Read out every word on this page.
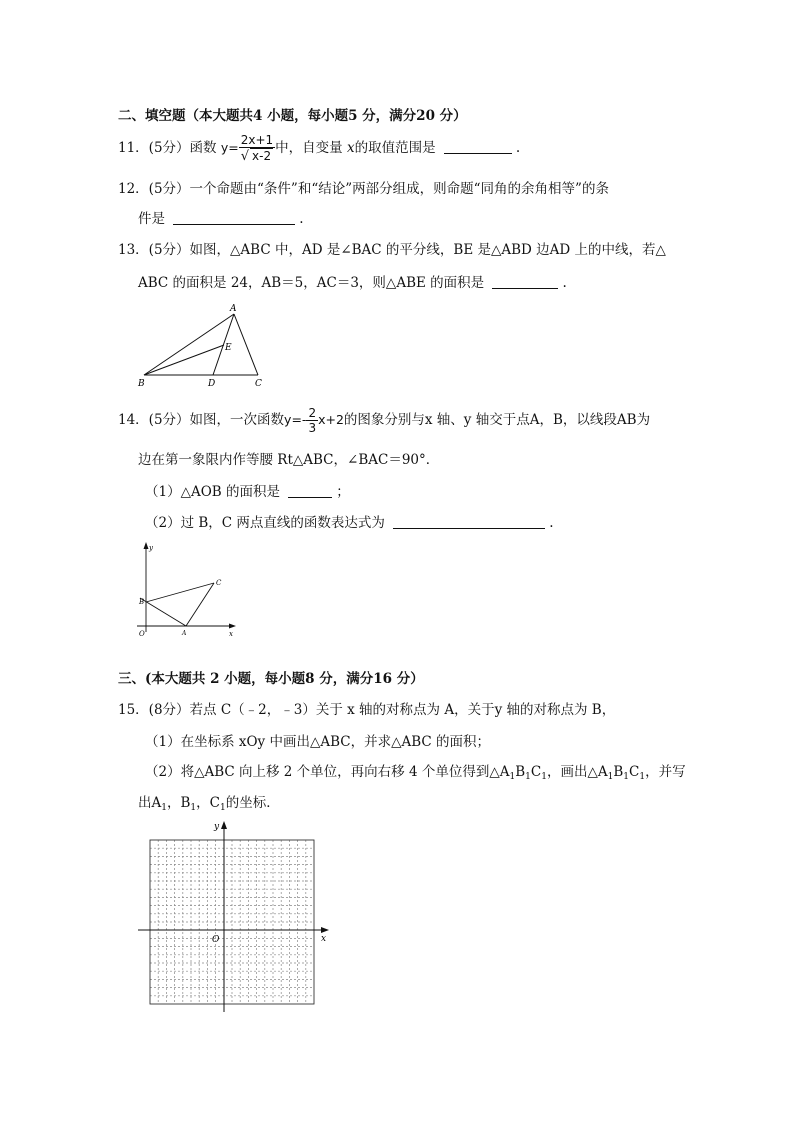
二、填空题（本大题共4 小题，每小题5 分，满分20 分）
11．(5分）函数 $y= \frac{2x+1}{√ x-2}$ 中，自变量 x的取值范围是	.
12．(5分）一个命题由“条件”和“结论”两部分组成，则命题“同角的余角相等”的条
件是	.
13．(5分）如图，△ABC 中，AD 是∠BAC 的平分线，BE 是△ABD 边AD 上的中线，若△
ABC 的面积是 24，AB＝5，AC＝3，则△ABE 的面积是	.
A
B	C
D
E
14．(5分）如图，一次函数$y=- \frac{2}{3} x+2$的图象分别与x 轴、y 轴交于点A，B，以线段AB为
边在第一象限内作等腰 Rt△ABC，∠BAC＝90°．
（1）△AOB 的面积是	；
（2）过 B，C 两点直线的函数表达式为	.
y
x
O	A
B
C
三、(本大题共 2 小题，每小题8 分，满分16 分）
15．(8分）若点 C（﹣2，﹣3）关于 x 轴的对称点为 A，关于y 轴的对称点为 B，
（1）在坐标系 xOy 中画出△ABC，并求△ABC 的面积；
（2）将△ABC 向上移 2 个单位，再向右移 4 个单位得到$\triangle A_1B_1C_1$，画出$\triangle A_1B_1C_1$，并写
出$A_1$，$B_1$，$C_1$的坐标．
y
x
O
